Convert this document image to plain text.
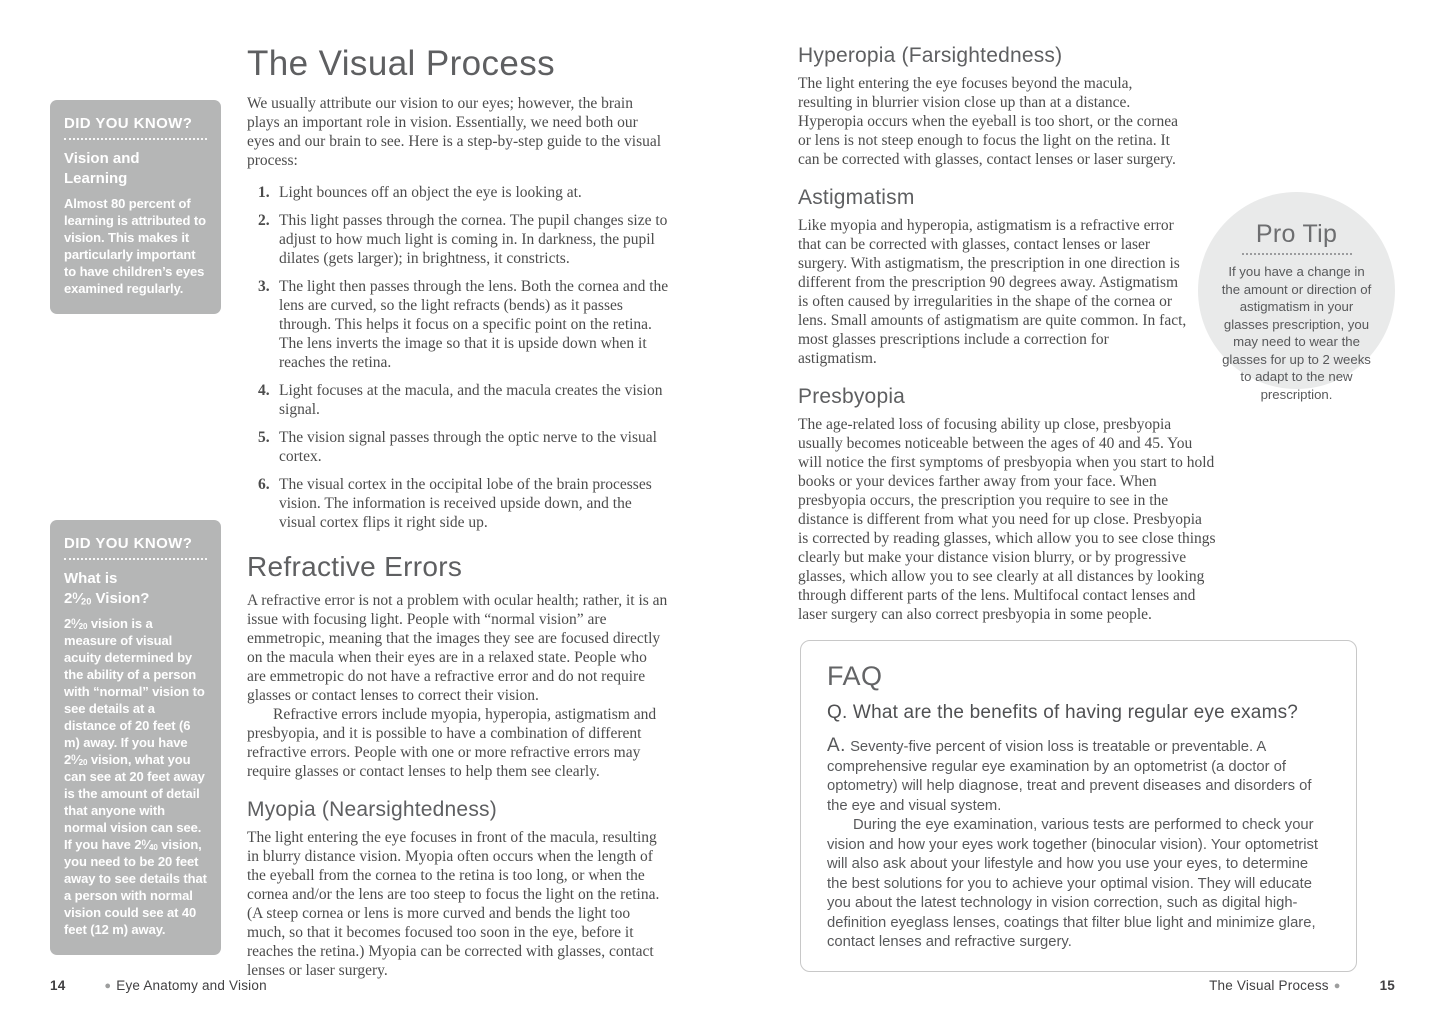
DID YOU KNOW?
Vision and Learning

Almost 80 percent of learning is attributed to vision. This makes it particularly important to have children’s eyes examined regularly.

DID YOU KNOW?
What is
$2^0⁄_{20}$ Vision?

$2^0⁄_{20}$ vision is a measure of visual acuity determined by the ability of a person with “normal” vision to see details at a distance of 20 feet (6 m) away. If you have $2^0⁄_{20}$ vision, what you can see at 20 feet away is the amount of detail that anyone with normal vision can see. If you have $2^0⁄_{40}$ vision, you need to be 20 feet away to see details that a person with normal vision could see at 40 feet (12 m) away.

The Visual Process

We usually attribute our vision to our eyes; however, the brain plays an important role in vision. Essentially, we need both our eyes and our brain to see. Here is a step-by-step guide to the visual process:

1. Light bounces off an object the eye is looking at.
2. This light passes through the cornea. The pupil changes size to adjust to how much light is coming in. In darkness, the pupil dilates (gets larger); in brightness, it constricts.
3. The light then passes through the lens. Both the cornea and the lens are curved, so the light refracts (bends) as it passes through. This helps it focus on a specific point on the retina. The lens inverts the image so that it is upside down when it reaches the retina.
4. Light focuses at the macula, and the macula creates the vision signal.
5. The vision signal passes through the optic nerve to the visual cortex.
6. The visual cortex in the occipital lobe of the brain processes vision. The information is received upside down, and the visual cortex flips it right side up.
Refractive Errors

A refractive error is not a problem with ocular health; rather, it is an issue with focusing light. People with “normal vision” are emmetropic, meaning that the images they see are focused directly on the macula when their eyes are in a relaxed state. People who are emmetropic do not have a refractive error and do not require glasses or contact lenses to correct their vision.

Refractive errors include myopia, hyperopia, astigmatism and presbyopia, and it is possible to have a combination of different refractive errors. People with one or more refractive errors may require glasses or contact lenses to help them see clearly.

Myopia (Nearsightedness)

The light entering the eye focuses in front of the macula, resulting in blurry distance vision. Myopia often occurs when the length of the eyeball from the cornea to the retina is too long, or when the cornea and/or the lens are too steep to focus the light on the retina. (A steep cornea or lens is more curved and bends the light too much, so that it becomes focused too soon in the eye, before it reaches the retina.) Myopia can be corrected with glasses, contact lenses or laser surgery.

14	● Eye Anatomy and Vision
Hyperopia (Farsightedness)

The light entering the eye focuses beyond the macula, resulting in blurrier vision close up than at a distance. Hyperopia occurs when the eyeball is too short, or the cornea or lens is not steep enough to focus the light on the retina. It can be corrected with glasses, contact lenses or laser surgery.

Astigmatism

Like myopia and hyperopia, astigmatism is a refractive error that can be corrected with glasses, contact lenses or laser surgery. With astigmatism, the prescription in one direction is different from the prescription 90 degrees away. Astigmatism is often caused by irregularities in the shape of the cornea or lens. Small amounts of astigmatism are quite common. In fact, most glasses prescriptions include a correction for astigmatism.

Presbyopia

The age-related loss of focusing ability up close, presbyopia usually becomes noticeable between the ages of 40 and 45. You will notice the first symptoms of presbyopia when you start to hold books or your devices farther away from your face. When presbyopia occurs, the prescription you require to see in the distance is different from what you need for up close. Presbyopia is corrected by reading glasses, which allow you to see close things clearly but make your distance vision blurry, or by progressive glasses, which allow you to see clearly at all distances by looking through different parts of the lens. Multifocal contact lenses and laser surgery can also correct presbyopia in some people.

Pro Tip

If you have a change in the amount or direction of astigmatism in your glasses prescription, you may need to wear the glasses for up to 2 weeks to adapt to the new prescription.

FAQ
Q. What are the benefits of having regular eye exams?

A. Seventy-five percent of vision loss is treatable or preventable. A comprehensive regular eye examination by an optometrist (a doctor of optometry) will help diagnose, treat and prevent diseases and disorders of the eye and visual system.

During the eye examination, various tests are performed to check your vision and how your eyes work together (binocular vision). Your optometrist will also ask about your lifestyle and how you use your eyes, to determine the best solutions for you to achieve your optimal vision. They will educate you about the latest technology in vision correction, such as digital high-definition eyeglass lenses, coatings that filter blue light and minimize glare, contact lenses and refractive surgery.

The Visual Process ●	15
